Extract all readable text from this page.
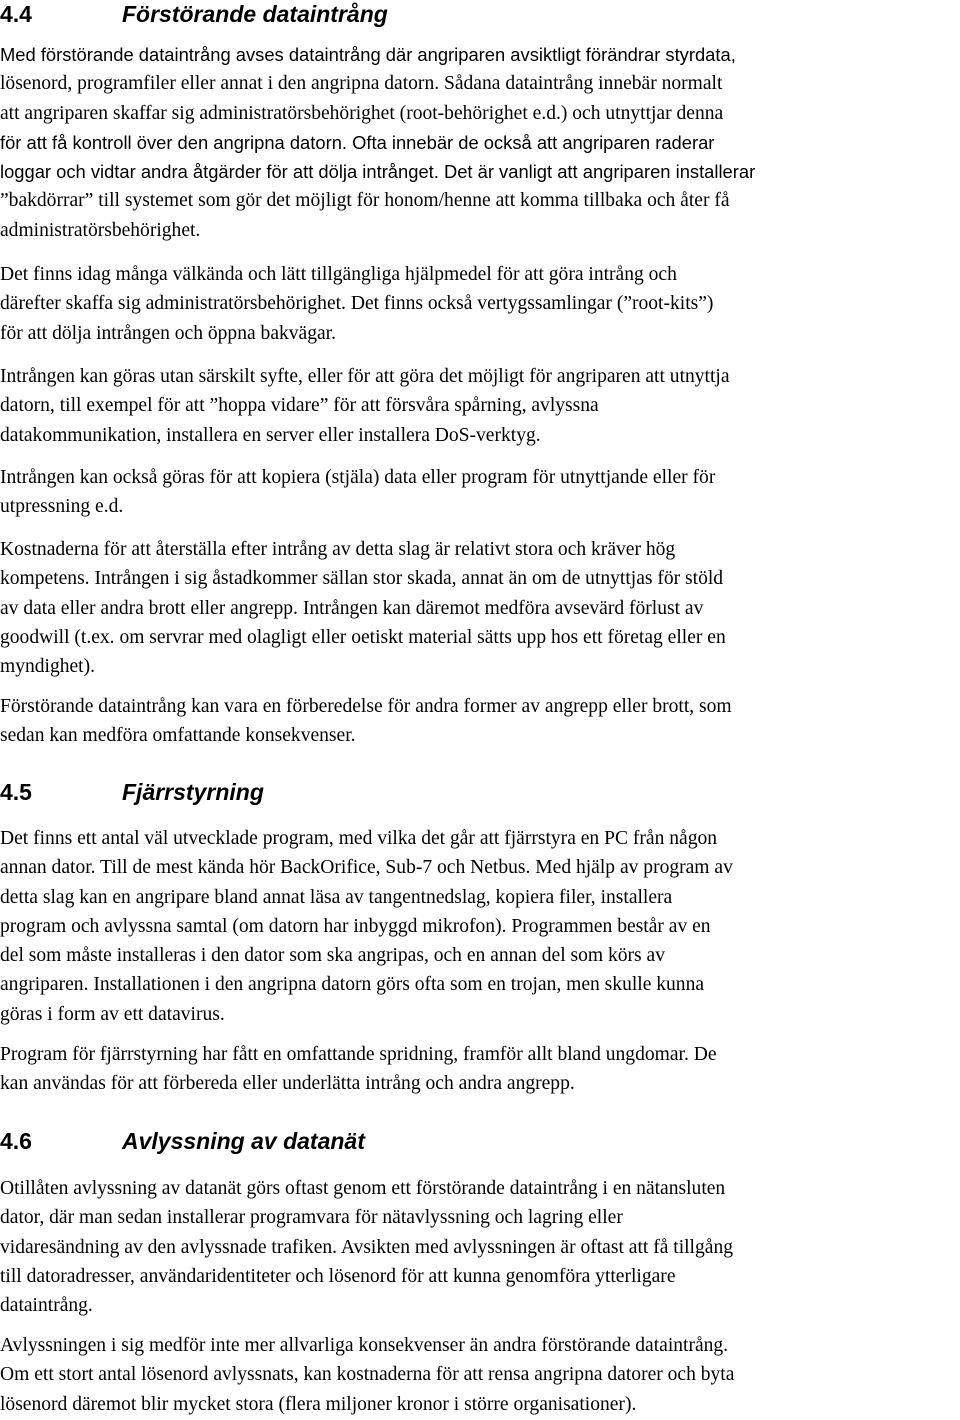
4.4	Förstörande dataintrång

Med förstörande dataintrång avses dataintrång där angriparen avsiktligt förändrar styrdata,
lösenord, programfiler eller annat i den angripna datorn. Sådana dataintrång innebär normalt
att angriparen skaffar sig administratörsbehörighet (root-behörighet e.d.) och utnyttjar denna
för att få kontroll över den angripna datorn. Ofta innebär de också att angriparen raderar
loggar och vidtar andra åtgärder för att dölja intrånget. Det är vanligt att angriparen installerar
”bakdörrar” till systemet som gör det möjligt för honom/henne att komma tillbaka och åter få
administratörsbehörighet.

Det finns idag många välkända och lätt tillgängliga hjälpmedel för att göra intrång och
därefter skaffa sig administratörsbehörighet. Det finns också vertygssamlingar (”root-kits”)
för att dölja intrången och öppna bakvägar.

Intrången kan göras utan särskilt syfte, eller för att göra det möjligt för angriparen att utnyttja
datorn, till exempel för att ”hoppa vidare” för att försvåra spårning, avlyssna
datakommunikation, installera en server eller installera DoS-verktyg.

Intrången kan också göras för att kopiera (stjäla) data eller program för utnyttjande eller för
utpressning e.d.

Kostnaderna för att återställa efter intrång av detta slag är relativt stora och kräver hög
kompetens. Intrången i sig åstadkommer sällan stor skada, annat än om de utnyttjas för stöld
av data eller andra brott eller angrepp. Intrången kan däremot medföra avsevärd förlust av
goodwill (t.ex. om servrar med olagligt eller oetiskt material sätts upp hos ett företag eller en
myndighet).

Förstörande dataintrång kan vara en förberedelse för andra former av angrepp eller brott, som
sedan kan medföra omfattande konsekvenser.

4.5	Fjärrstyrning

Det finns ett antal väl utvecklade program, med vilka det går att fjärrstyra en PC från någon
annan dator. Till de mest kända hör BackOrifice, Sub-7 och Netbus. Med hjälp av program av
detta slag kan en angripare bland annat läsa av tangentnedslag, kopiera filer, installera
program och avlyssna samtal (om datorn har inbyggd mikrofon). Programmen består av en
del som måste installeras i den dator som ska angripas, och en annan del som körs av
angriparen. Installationen i den angripna datorn görs ofta som en trojan, men skulle kunna
göras i form av ett datavirus.

Program för fjärrstyrning har fått en omfattande spridning, framför allt bland ungdomar. De
kan användas för att förbereda eller underlätta intrång och andra angrepp.

4.6	Avlyssning av datanät

Otillåten avlyssning av datanät görs oftast genom ett förstörande dataintrång i en nätansluten
dator, där man sedan installerar programvara för nätavlyssning och lagring eller
vidaresändning av den avlyssnade trafiken. Avsikten med avlyssningen är oftast att få tillgång
till datoradresser, användaridentiteter och lösenord för att kunna genomföra ytterligare
dataintrång.

Avlyssningen i sig medför inte mer allvarliga konsekvenser än andra förstörande dataintrång.
Om ett stort antal lösenord avlyssnats, kan kostnaderna för att rensa angripna datorer och byta
lösenord däremot blir mycket stora (flera miljoner kronor i större organisationer).
